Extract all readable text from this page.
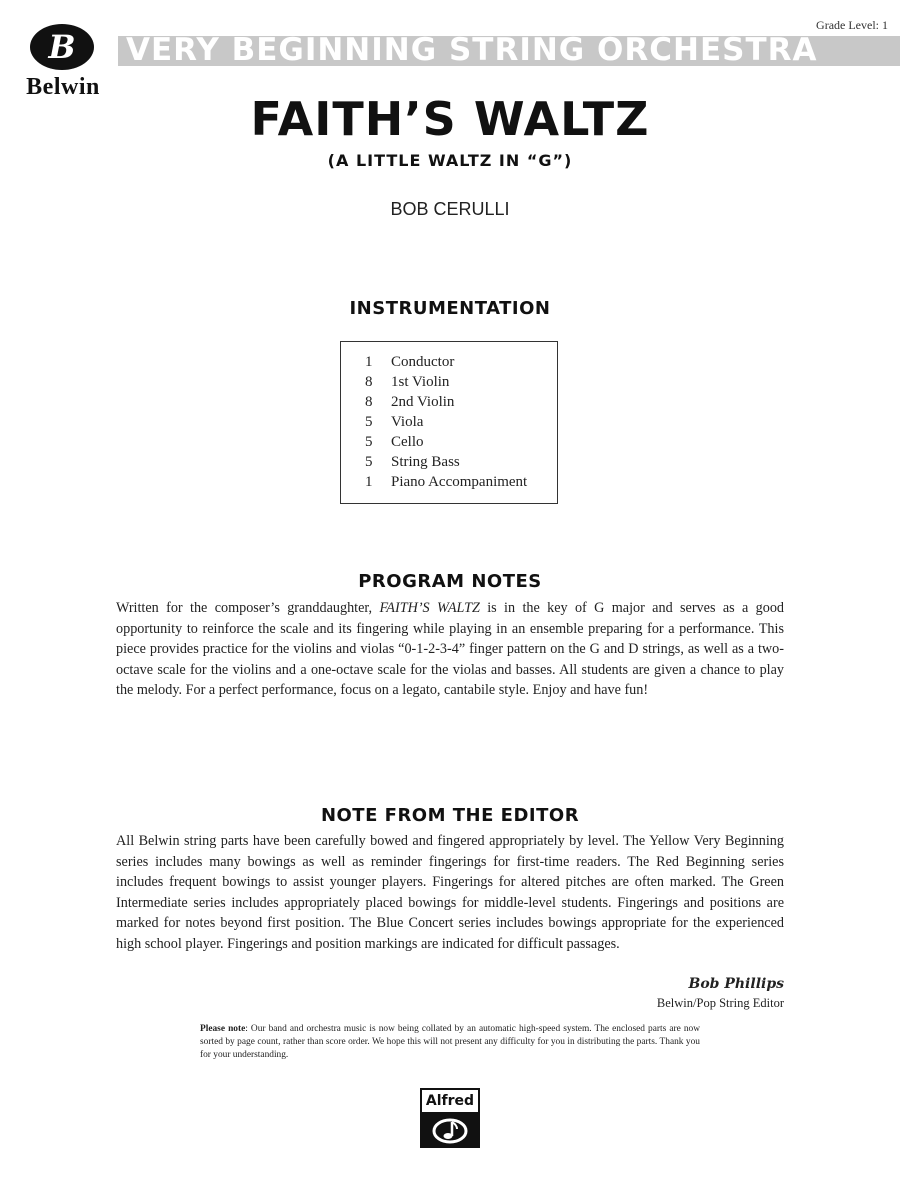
B
Belwin
VERY BEGINNING STRING ORCHESTRA
Grade Level: 1
FAITH’S WALTZ
(A LITTLE WALTZ IN “G”)
BOB CERULLI
INSTRUMENTATION
1	Conductor
8	1st Violin
8	2nd Violin
5	Viola
5	Cello
5	String Bass
1	Piano Accompaniment
PROGRAM NOTES
Written for the composer’s granddaughter, FAITH’S WALTZ is in the key of G major and serves as a good opportunity to reinforce the scale and its fingering while playing in an ensemble preparing for a performance. This piece provides practice for the violins and violas “0-1-2-3-4” finger pattern on the G and D strings, as well as a two-octave scale for the violins and a one-octave scale for the violas and basses. All students are given a chance to play the melody. For a perfect performance, focus on a legato, cantabile style. Enjoy and have fun!
NOTE FROM THE EDITOR
All Belwin string parts have been carefully bowed and fingered appropriately by level. The Yellow Very Beginning series includes many bowings as well as reminder fingerings for first-time readers. The Red Beginning series includes frequent bowings to assist younger players. Fingerings for altered pitches are often marked. The Green Intermediate series includes appropriately placed bowings for middle-level students. Fingerings and positions are marked for notes beyond first position. The Blue Concert series includes bowings appropriate for the experienced high school player. Fingerings and position markings are indicated for difficult passages.
Bob Phillips
Belwin/Pop String Editor
Please note: Our band and orchestra music is now being collated by an automatic high-speed system. The enclosed parts are now sorted by page count, rather than score order. We hope this will not present any difficulty for you in distributing the parts. Thank you for your understanding.
Alfred
